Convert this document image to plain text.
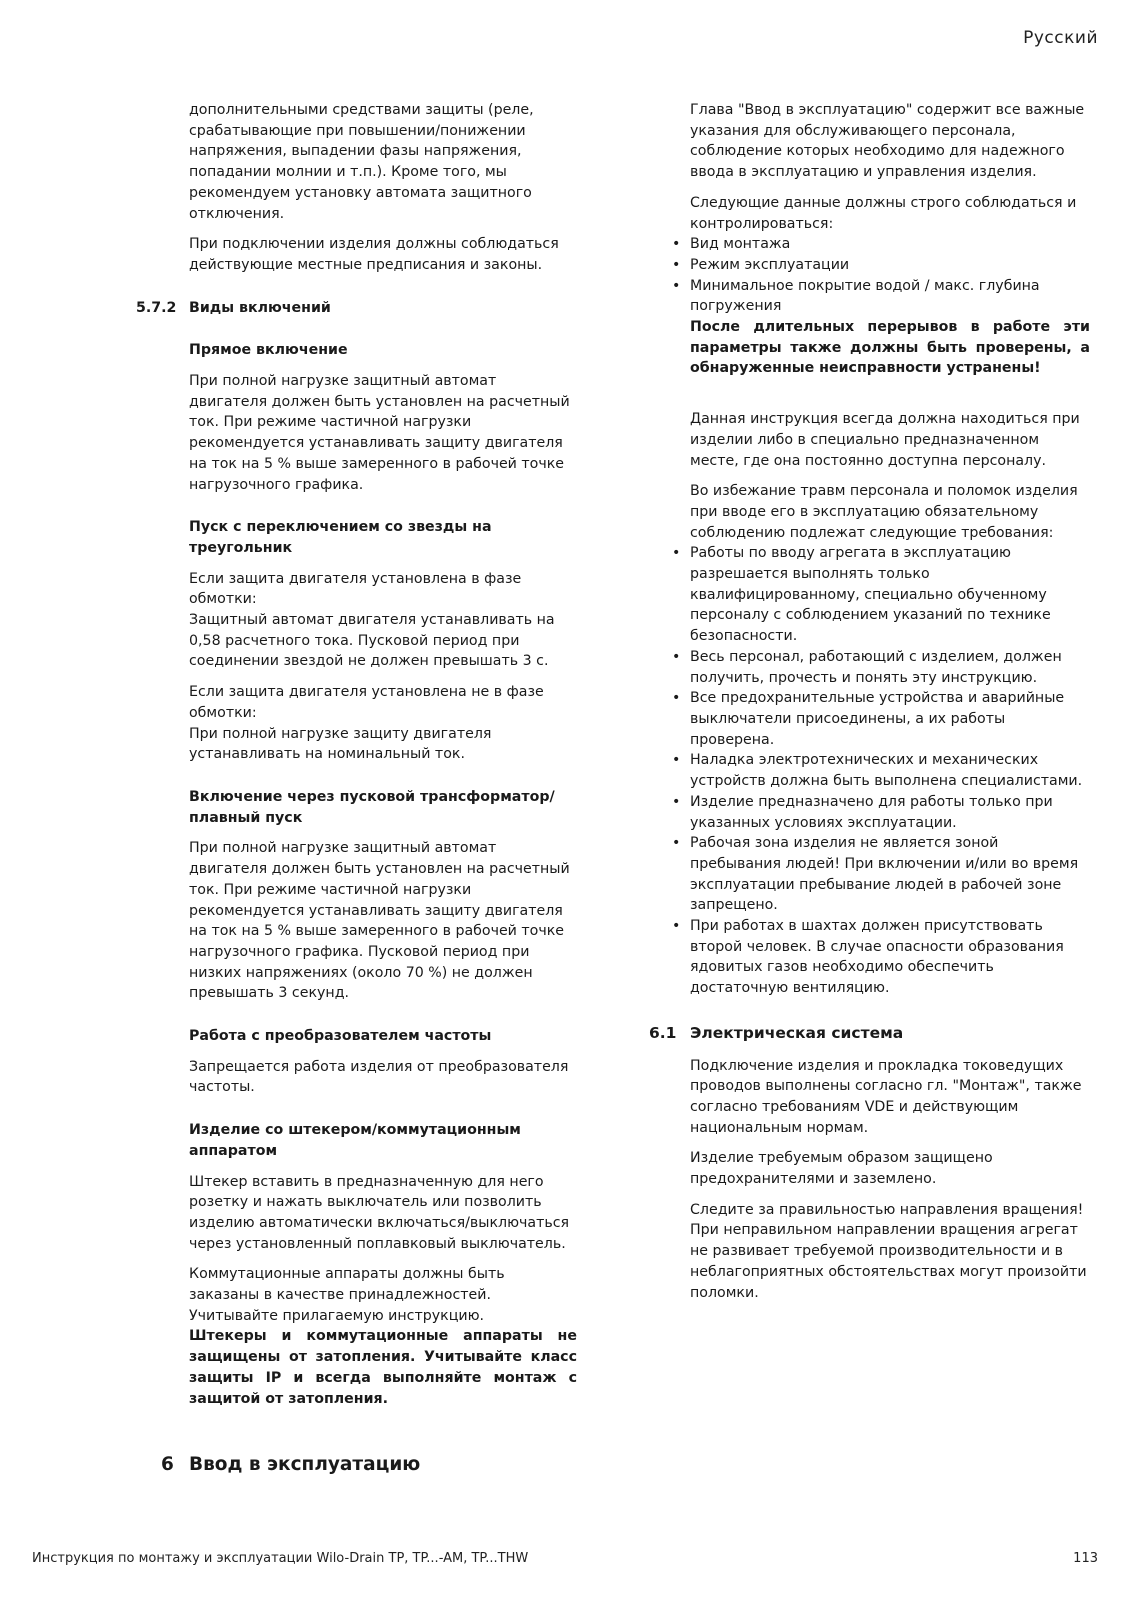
Русский

дополнительными средствами защиты (реле, срабатывающие при повышении/понижении напряжения, выпадении фазы напряжения, попадании молнии и т.п.). Кроме того, мы рекомендуем установку автомата защитного отключения.

При подключении изделия должны соблюдаться действующие местные предписания и законы.

5.7.2 Виды включений
Прямое включение

При полной нагрузке защитный автомат двигателя должен быть установлен на расчетный ток. При режиме частичной нагрузки рекомендуется устанавливать защиту двигателя на ток на 5 % выше замеренного в рабочей точке нагрузочного графика.

Пуск с переключением со звезды на треугольник

Если защита двигателя установлена в фазе обмотки:
Защитный автомат двигателя устанавливать на 0,58 расчетного тока. Пусковой период при соединении звездой не должен превышать 3 с.

Если защита двигателя установлена не в фазе обмотки:
При полной нагрузке защиту двигателя устанавливать на номинальный ток.

Включение через пусковой трансформатор/ плавный пуск

При полной нагрузке защитный автомат двигателя должен быть установлен на расчетный ток. При режиме частичной нагрузки рекомендуется устанавливать защиту двигателя на ток на 5 % выше замеренного в рабочей точке нагрузочного графика. Пусковой период при низких напряжениях (около 70 %) не должен превышать 3 секунд.

Работа с преобразователем частоты

Запрещается работа изделия от преобразователя частоты.

Изделие со штекером/коммутационным аппаратом

Штекер вставить в предназначенную для него розетку и нажать выключатель или позволить изделию автоматически включаться/выключаться через установленный поплавковый выключатель.

Коммутационные аппараты должны быть заказаны в качестве принадлежностей. Учитывайте прилагаемую инструкцию.

Штекеры и коммутационные аппараты не защищены от затопления. Учитывайте класс защиты IP и всегда выполняйте монтаж с защитой от затопления.

6 Ввод в эксплуатацию

Глава "Ввод в эксплуатацию" содержит все важные указания для обслуживающего персонала, соблюдение которых необходимо для надежного ввода в эксплуатацию и управления изделия.

Следующие данные должны строго соблюдаться и контролироваться:

• Вид монтажа
• Режим эксплуатации
• Минимальное покрытие водой / макс. глубина погружения

После длительных перерывов в работе эти параметры также должны быть проверены, а обнаруженные неисправности устранены!

Данная инструкция всегда должна находиться при изделии либо в специально предназначенном месте, где она постоянно доступна персоналу.

Во избежание травм персонала и поломок изделия при вводе его в эксплуатацию обязательному соблюдению подлежат следующие требования:

• Работы по вводу агрегата в эксплуатацию разрешается выполнять только квалифицированному, специально обученному персоналу с соблюдением указаний по технике безопасности.
• Весь персонал, работающий с изделием, должен получить, прочесть и понять эту инструкцию.
• Все предохранительные устройства и аварийные выключатели присоединены, а их работы проверена.
• Наладка электротехнических и механических устройств должна быть выполнена специалистами.
• Изделие предназначено для работы только при указанных условиях эксплуатации.
• Рабочая зона изделия не является зоной пребывания людей! При включении и/или во время эксплуатации пребывание людей в рабочей зоне запрещено.
• При работах в шахтах должен присутствовать второй человек. В случае опасности образования ядовитых газов необходимо обеспечить достаточную вентиляцию.
6.1 Электрическая система

Подключение изделия и прокладка токоведущих проводов выполнены согласно гл. "Монтаж", также согласно требованиям VDE и действующим национальным нормам.

Изделие требуемым образом защищено предохранителями и заземлено.

Следите за правильностью направления вращения! При неправильном направлении вращения агрегат не развивает требуемой производительности и в неблагоприятных обстоятельствах могут произойти поломки.

Инструкция по монтажу и эксплуатации Wilo-Drain TP, TP...-AM, TP...THW	113
